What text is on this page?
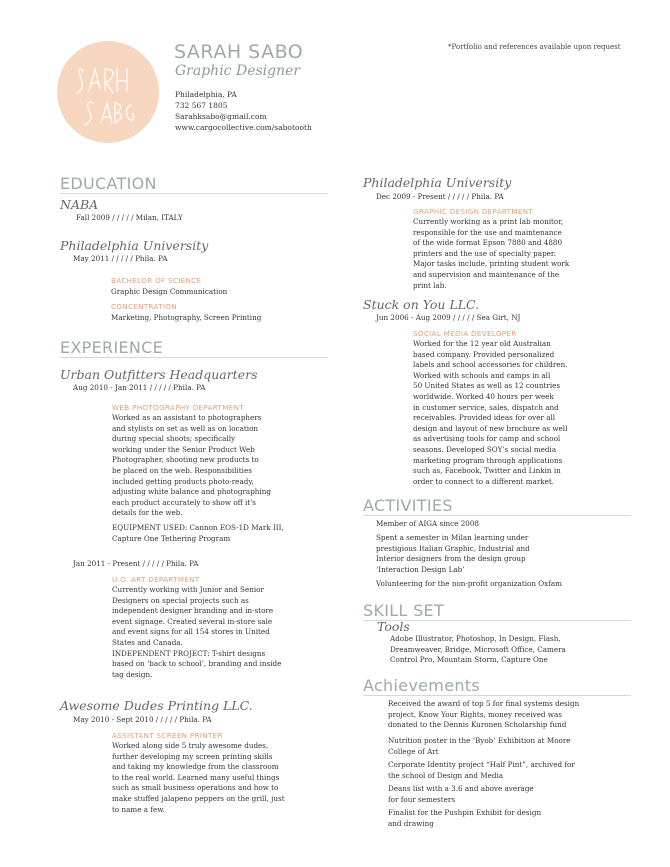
SARAH SABO
Graphic Designer
Philadelphia, PA
732 567 1805
Sarahksabo@gmail.com
www.cargocollective.com/sabotooth
*Portfolio and references available upon request
EDUCATION
NABA
Fall 2009 / / / / / Milan, ITALY
Philadelphia University
May 2011 / / / / / Phila. PA
BACHELOR OF SCIENCE
Graphic Design Communication
CONCENTRATION
Marketing, Photography, Screen Printing
EXPERIENCE
Urban Outfitters Headquarters
Aug 2010 - Jan 2011 / / / / / Phila. PA
WEB PHOTOGRAPHY DEPARTMENT
Worked as an assistant to photographers
and stylists on set as well as on location
during special shoots; specifically
working under the Senior Product Web
Photographer, shooting new products to
be placed on the web. Responsibilities
included getting products photo-ready,
adjusting white balance and photographing
each product accurately to show off it's
details for the web.
EQUIPMENT USED: Cannon EOS-1D Mark III,
Capture One Tethering Program
Jan 2011 - Present / / / / / Phila. PA
U.O. ART DEPARTMENT
Currently working with Junior and Senior
Designers on special projects such as
independent designer branding and in-store
event signage. Created several in-store sale
and event signs for all 154 stores in United
States and Canada.
INDEPENDENT PROJECT: T-shirt designs
based on ‘back to school’, branding and inside
tag design.
Awesome Dudes Printing LLC.
May 2010 - Sept 2010 / / / / / Phila. PA
ASSISTANT SCREEN PRINTER
Worked along side 5 truly awesome dudes,
further developing my screen printing skills
and taking my knowledge from the classroom
to the real world. Learned many useful things
such as small business operations and how to
make stuffed jalapeno peppers on the grill, just
to name a few.
Philadelphia University
Dec 2009 - Present / / / / / Phila. PA
GRAPHIC DESIGN DEPARTMENT
Currently working as a print lab monitor,
responsible for the use and maintenance
of the wide format Epson 7880 and 4880
printers and the use of specialty paper.
Major tasks include, printing student work
and supervision and maintenance of the
print lab.
Stuck on You LLC.
Jun 2006 - Aug 2009 / / / / / Sea Girt, NJ
SOCIAL MEDIA DEVELOPER
Worked for the 12 year old Australian
based company. Provided personalized
labels and school accessories for children.
Worked with schools and camps in all
50 United States as well as 12 countries
worldwide. Worked 40 hours per week
in customer service, sales, dispatch and
receivables. Provided ideas for over all
design and layout of new brochure as well
as advertising tools for camp and school
seasons. Developed SOY’s social media
marketing program through applications
such as, Facebook, Twitter and Linkin in
order to connect to a different market.
ACTIVITIES
Member of AIGA since 2008
Spent a semester in Milan learning under
prestigious Italian Graphic, Industrial and
Interior designers from the design group
‘Interaction Design Lab’
Volunteering for the non-profit organization Oxfam
SKILL SET
Tools
Adobe Illustrator, Photoshop, In Design, Flash,
Dreamweaver, Bridge, Microsoft Office, Camera
Control Pro, Mountain Storm, Capture One
Achievements
Received the award of top 5 for final systems design
project, Know Your Rights, money received was
donated to the Dennis Kuronen Scholarship fund
Nutrition poster in the ‘Byob’ Exhibition at Moore
College of Art
Corporate Identity project “Half Pint”, archived for
the school of Design and Media
Deans list with a 3.6 and above average
for four semesters
Finalist for the Pushpin Exhibit for design
and drawing
